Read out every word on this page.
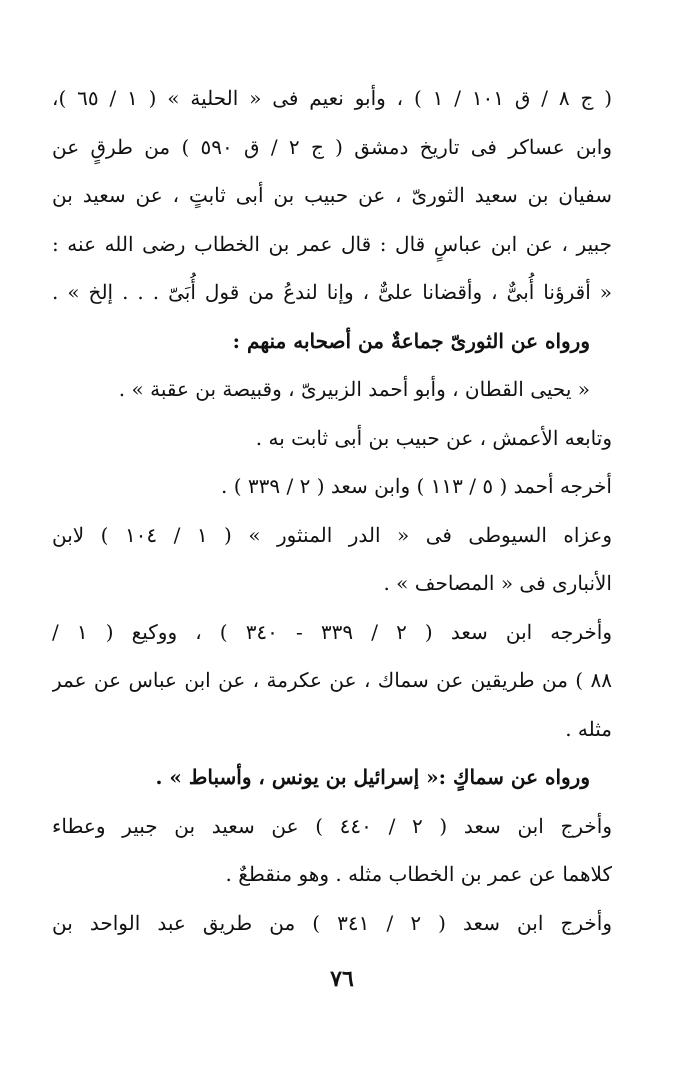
( ج ٨ / ق ١٠١ / ١ ) ، وأبو نعيم فى « الحلية » ( ١ / ٦٥ )،
وابن عساكر فى تاريخ دمشق ( ج ٢ / ق ٥٩٠ ) من طرقٍ عن
سفيان بن سعيد الثورىّ ، عن حبيب بن أبى ثابتٍ ، عن سعيد بن
جبير ، عن ابن عباسٍ قال : قال عمر بن الخطاب رضى الله عنه :
« أقرؤنا أُبىٌّ ، وأقضانا علىٌّ ، وإنا لندعُ من قول أُبَىّ . . . إلخ » .
ورواه عن الثورىّ جماعةٌ من أصحابه منهم :
« يحيى القطان ، وأبو أحمد الزبيرىّ ، وقبيصة بن عقبة » .
وتابعه الأعمش ، عن حبيب بن أبى ثابت به .
أخرجه أحمد ( ٥ / ١١٣ ) وابن سعد ( ٢ / ٣٣٩ ) .
وعزاه السيوطى فى « الدر المنثور » ( ١ / ١٠٤ ) لابن
الأنبارى فى « المصاحف » .
وأخرجه ابن سعد ( ٢ / ٣٣٩ - ٣٤٠ ) ، ووكيع ( ١ /
٨٨ ) من طريقين عن سماك ، عن عكرمة ، عن ابن عباس عن عمر
مثله .
ورواه عن سماكٍ :« إسرائيل بن يونس ، وأسباط » .
وأخرج ابن سعد ( ٢ / ٤٤٠ ) عن سعيد بن جبير وعطاء
كلاهما عن عمر بن الخطاب مثله . وهو منقطعٌ .
وأخرج ابن سعد ( ٢ / ٣٤١ ) من طريق عبد الواحد بن
٧٦
